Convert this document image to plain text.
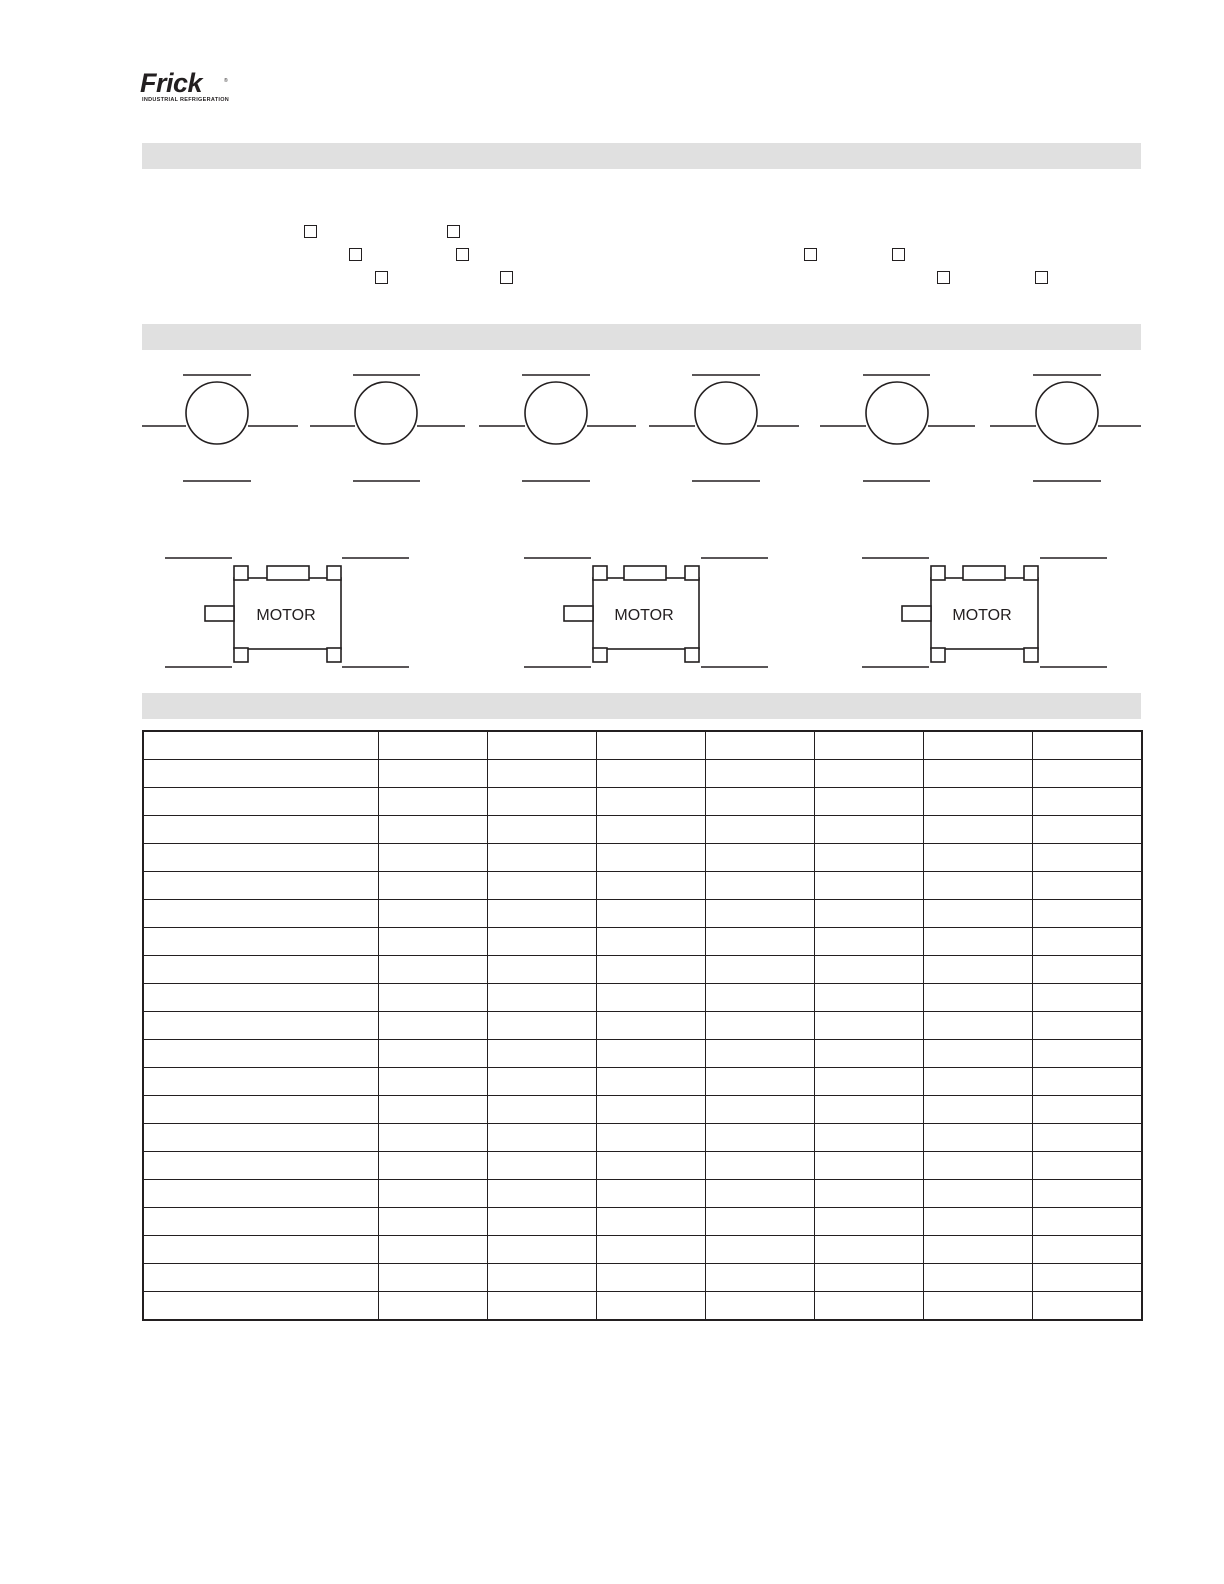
Frick	®
INDUSTRIAL REFRIGERATION
MOTOR	MOTOR	MOTOR
